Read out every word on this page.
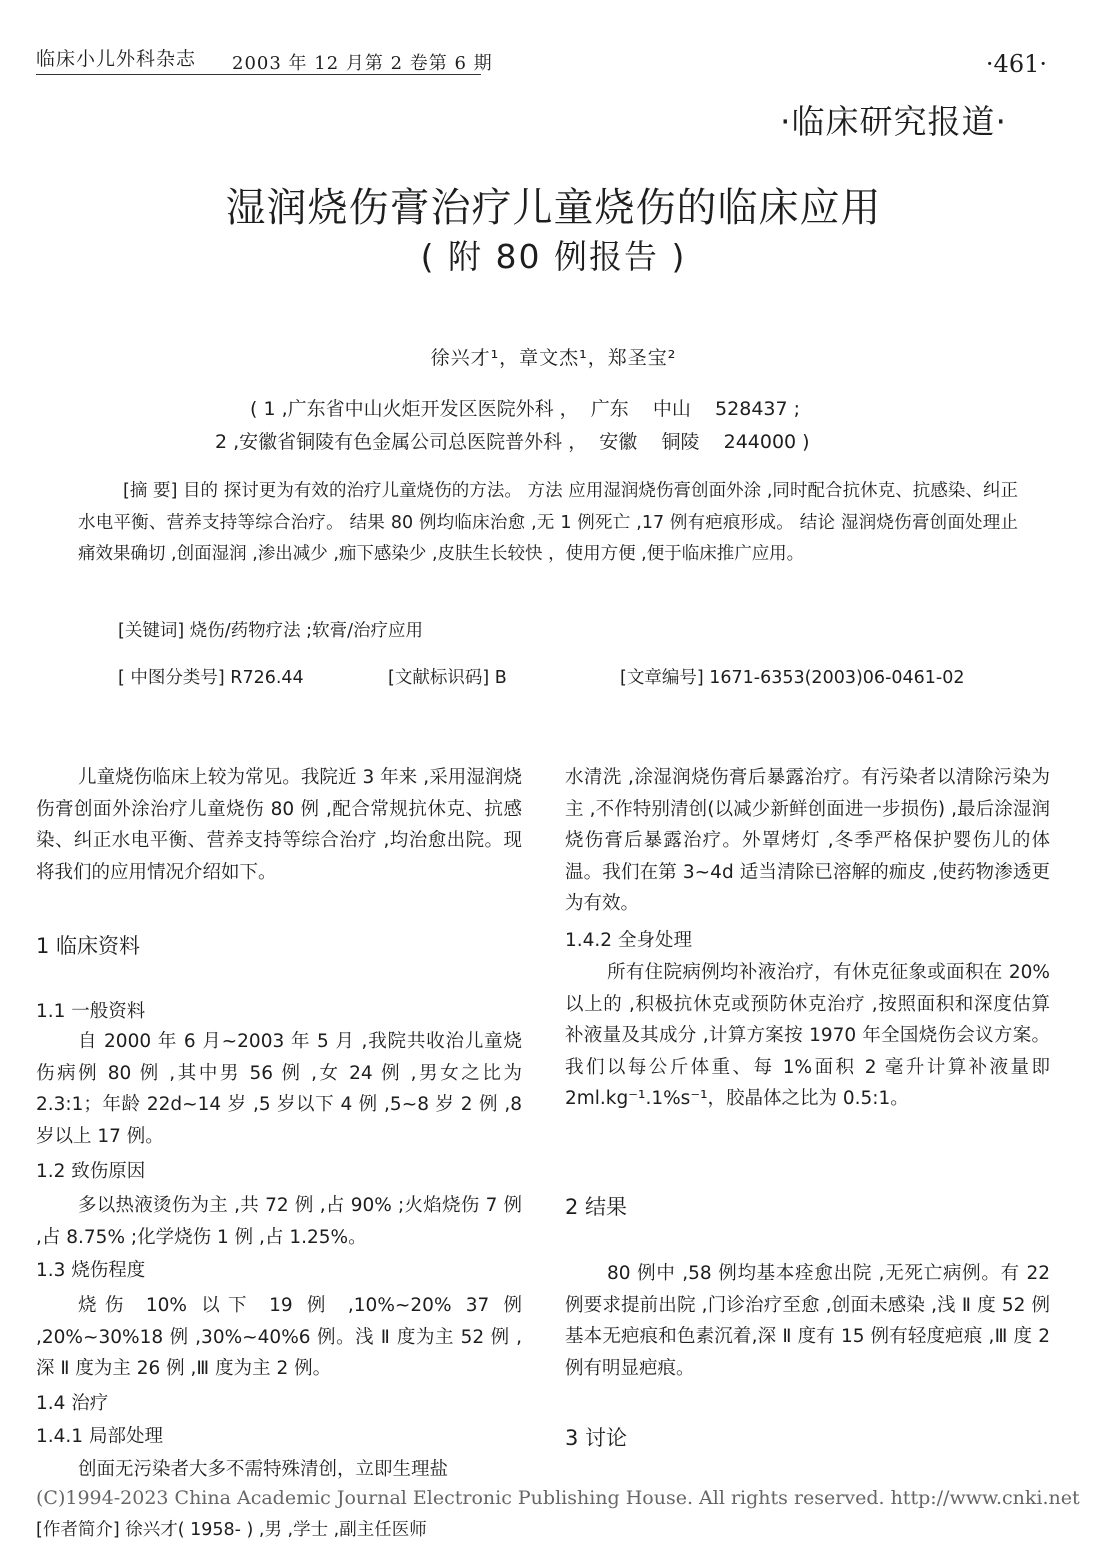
临床小儿外科杂志 2003 年 12 月第 2 卷第 6 期	·461·
·临床研究报道·
湿润烧伤膏治疗儿童烧伤的临床应用
( 附 80 例报告 )
徐兴才¹，章文杰¹，郑圣宝²
( 1 ,广东省中山火炬开发区医院外科 ，  广东    中山    528437 ;
2 ,安徽省铜陵有色金属公司总医院普外科 ，  安徽    铜陵    244000 )
[摘 要] 目的 探讨更为有效的治疗儿童烧伤的方法。 方法 应用湿润烧伤膏创面外涂 ,同时配合抗休克、抗感染、纠正水电平衡、营养支持等综合治疗。 结果 80 例均临床治愈 ,无 1 例死亡 ,17 例有疤痕形成。 结论 湿润烧伤膏创面处理止痛效果确切 ,创面湿润 ,渗出减少 ,痂下感染少 ,皮肤生长较快 ，使用方便 ,便于临床推广应用。
[关键词] 烧伤/药物疗法 ;软膏/治疗应用
[ 中图分类号] R726.44	[文献标识码] B	[文章编号] 1671-6353(2003)06-0461-02
儿童烧伤临床上较为常见。我院近 3 年来 ,采用湿润烧伤膏创面外涂治疗儿童烧伤 80 例 ,配合常规抗休克、抗感染、纠正水电平衡、营养支持等综合治疗 ,均治愈出院。现将我们的应用情况介绍如下。
1 临床资料
1.1 一般资料
自 2000 年 6 月~2003 年 5 月 ,我院共收治儿童烧伤病例 80 例 ,其中男 56 例 ,女 24 例 ,男女之比为 2.3:1；年龄 22d~14 岁 ,5 岁以下 4 例 ,5~8 岁 2 例 ,8 岁以上 17 例。
1.2 致伤原因
多以热液烫伤为主 ,共 72 例 ,占 90% ;火焰烧伤 7 例 ,占 8.75% ;化学烧伤 1 例 ,占 1.25%。
1.3 烧伤程度
烧伤 10% 以下 19 例 ,10%~20% 37 例 ,20%~30%18 例 ,30%~40%6 例。浅 Ⅱ 度为主 52 例 ,深 Ⅱ 度为主 26 例 ,Ⅲ 度为主 2 例。
1.4 治疗
1.4.1 局部处理
创面无污染者大多不需特殊清创，立即生理盐
水清洗 ,涂湿润烧伤膏后暴露治疗。有污染者以清除污染为主 ,不作特别清创(以减少新鲜创面进一步损伤) ,最后涂湿润烧伤膏后暴露治疗。外罩烤灯 ,冬季严格保护婴伤儿的体温。我们在第 3~4d 适当清除已溶解的痂皮 ,使药物渗透更为有效。
1.4.2 全身处理
所有住院病例均补液治疗，有休克征象或面积在 20%以上的 ,积极抗休克或预防休克治疗 ,按照面积和深度估算补液量及其成分 ,计算方案按 1970 年全国烧伤会议方案。我们以每公斤体重、每 1%面积 2 毫升计算补液量即 2ml.kg⁻¹.1%s⁻¹，胶晶体之比为 0.5:1。
2 结果
80 例中 ,58 例均基本痊愈出院 ,无死亡病例。有 22 例要求提前出院 ,门诊治疗至愈 ,创面未感染 ,浅 Ⅱ 度 52 例基本无疤痕和色素沉着,深 Ⅱ 度有 15 例有轻度疤痕 ,Ⅲ 度 2 例有明显疤痕。
3 讨论
(C)1994-2023 China Academic Journal Electronic Publishing House. All rights reserved. http://www.cnki.net
[作者简介] 徐兴才( 1958- ) ,男 ,学士 ,副主任医师
